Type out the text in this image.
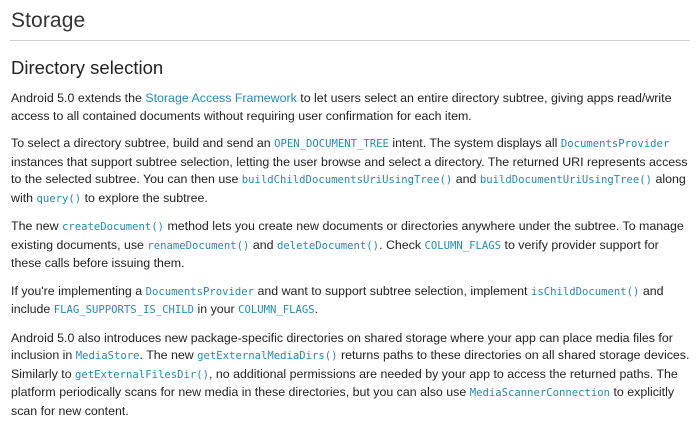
Storage
Directory selection

Android 5.0 extends the Storage Access Framework to let users select an entire directory subtree, giving apps read/write access to all contained documents without requiring user confirmation for each item.

To select a directory subtree, build and send an OPEN_DOCUMENT_TREE intent. The system displays all DocumentsProvider instances that support subtree selection, letting the user browse and select a directory. The returned URI represents access to the selected subtree. You can then use buildChildDocumentsUriUsingTree() and buildDocumentUriUsingTree() along with query() to explore the subtree.

The new createDocument() method lets you create new documents or directories anywhere under the subtree. To manage existing documents, use renameDocument() and deleteDocument(). Check COLUMN_FLAGS to verify provider support for these calls before issuing them.

If you're implementing a DocumentsProvider and want to support subtree selection, implement isChildDocument() and include FLAG_SUPPORTS_IS_CHILD in your COLUMN_FLAGS.

Android 5.0 also introduces new package-specific directories on shared storage where your app can place media files for inclusion in MediaStore. The new getExternalMediaDirs() returns paths to these directories on all shared storage devices. Similarly to getExternalFilesDir(), no additional permissions are needed by your app to access the returned paths. The platform periodically scans for new media in these directories, but you can also use MediaScannerConnection to explicitly scan for new content.
